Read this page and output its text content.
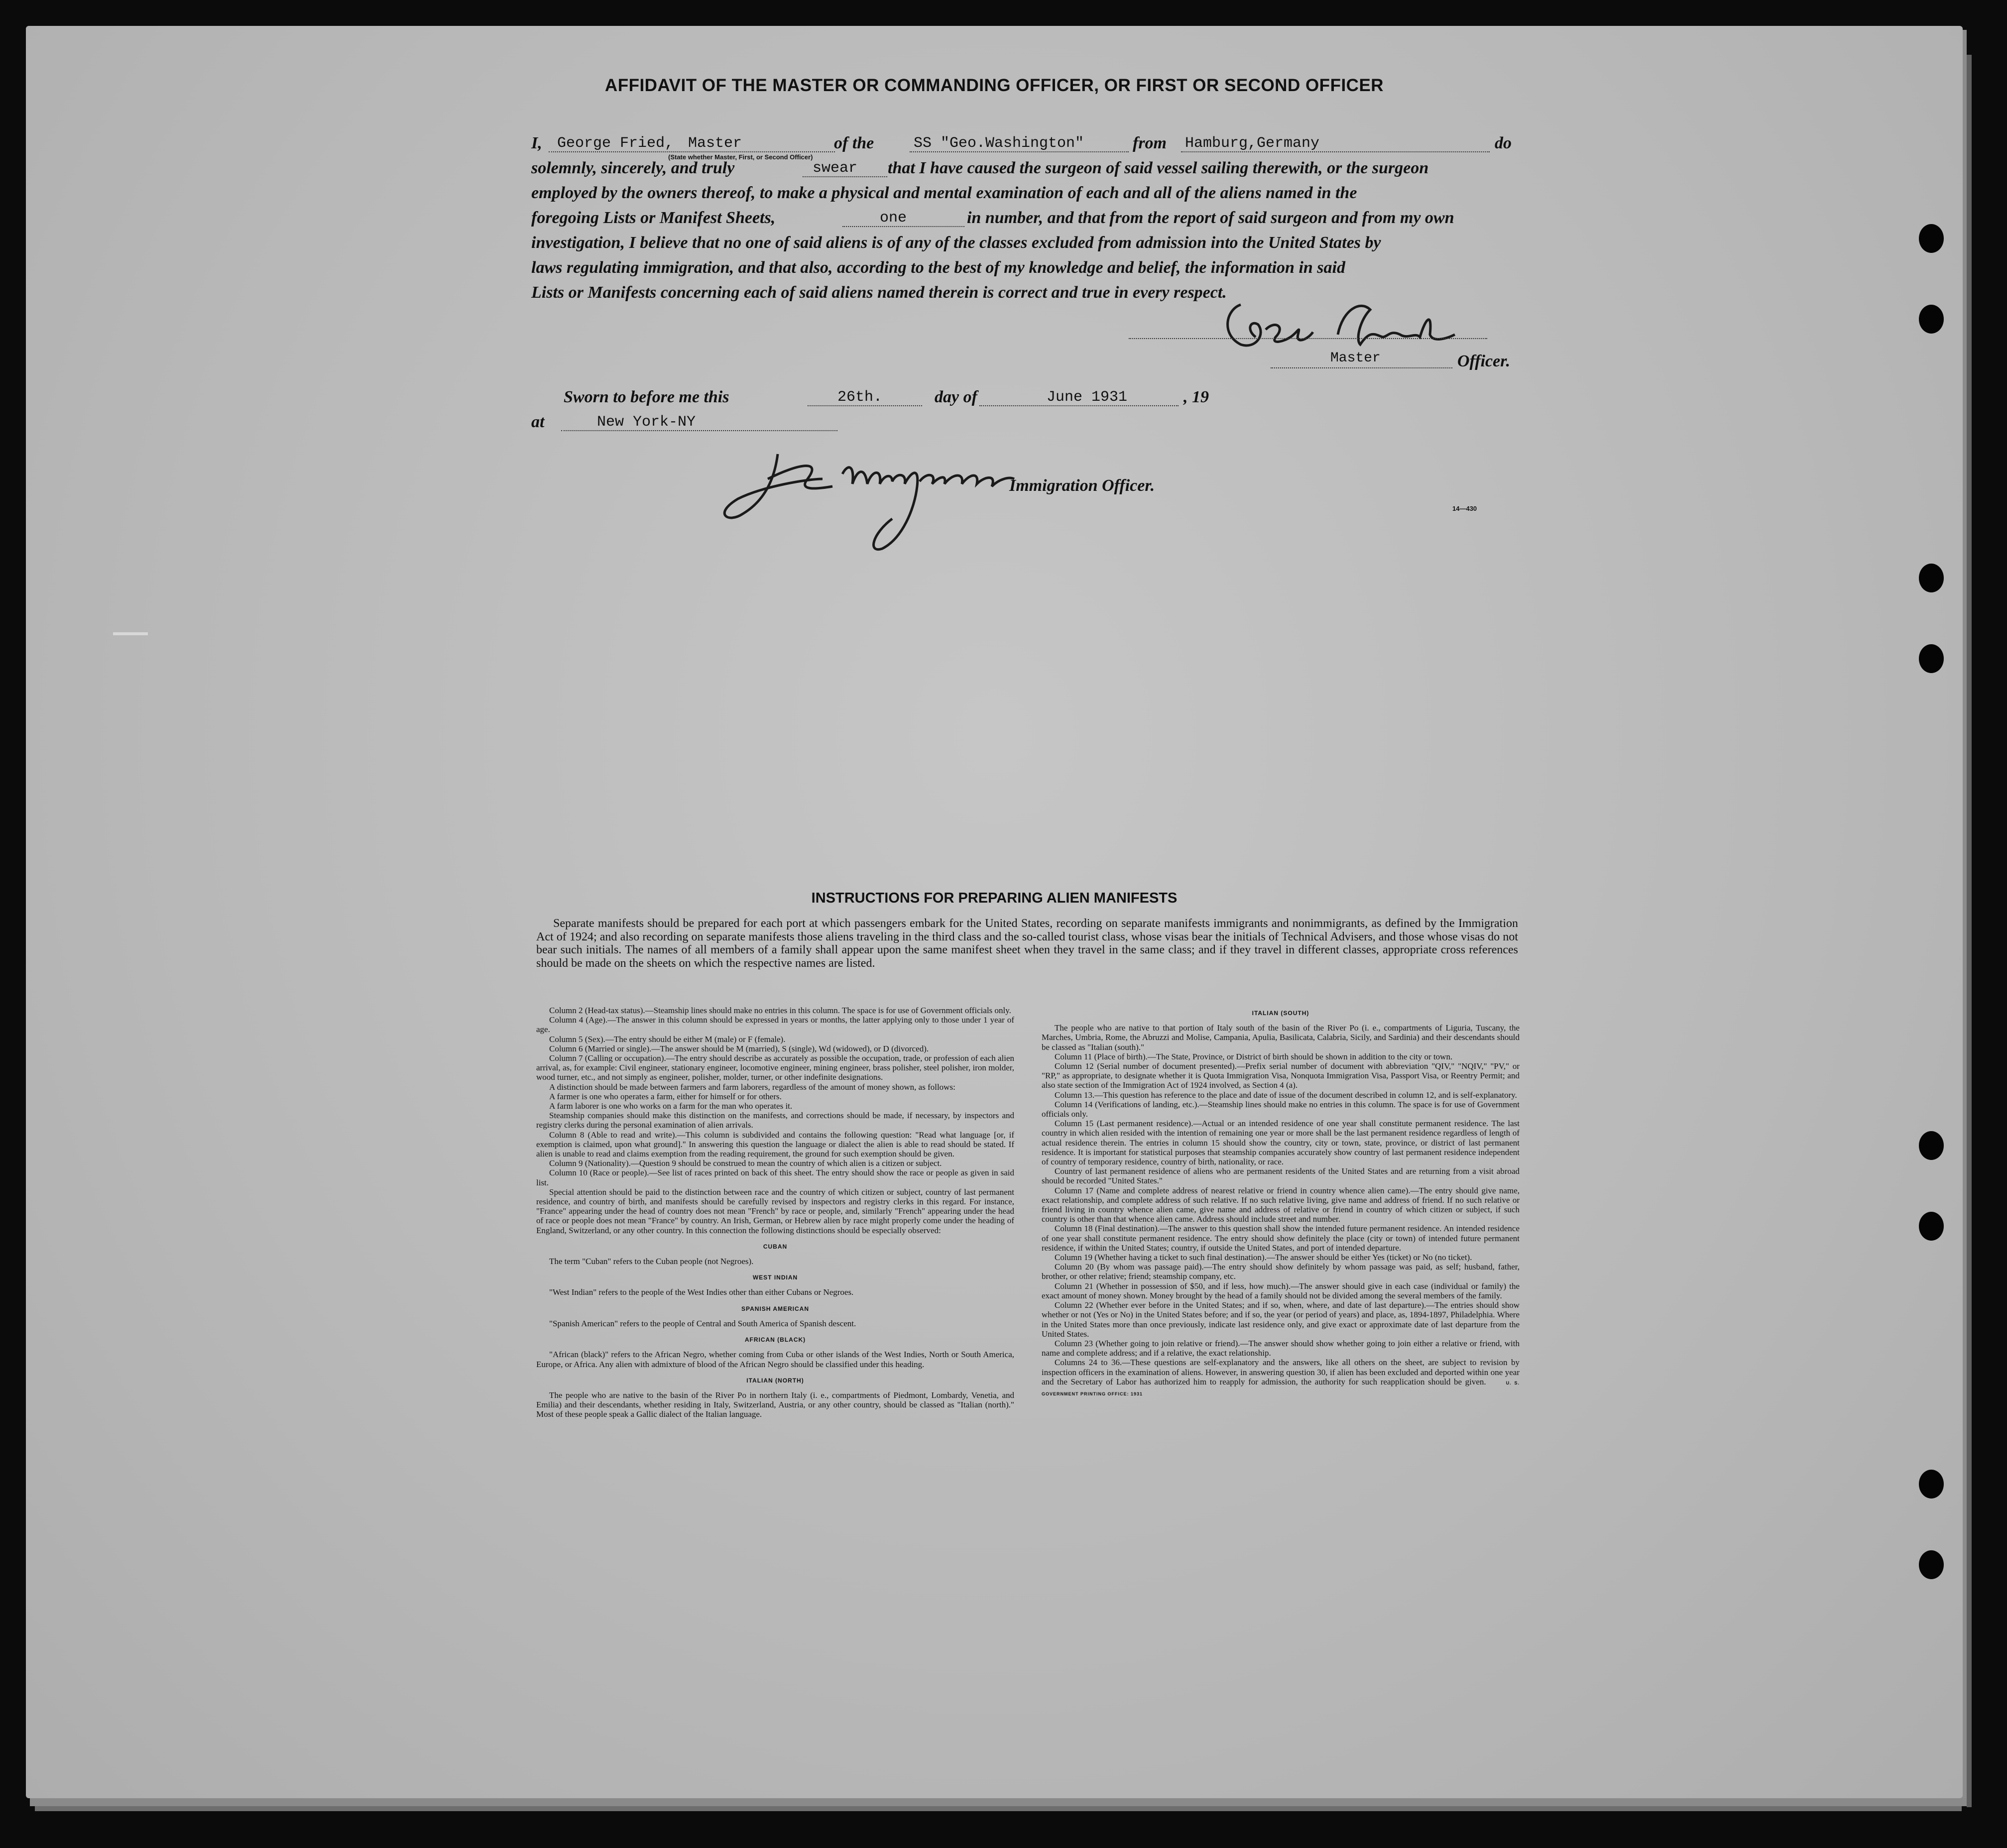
AFFIDAVIT OF THE MASTER OR COMMANDING OFFICER, OR FIRST OR SECOND OFFICER
I, George Fried, Master	of the	SS "Geo.Washington"	from Hamburg,Germany	do
(State whether Master, First, or Second Officer)
solemnly, sincerely, and truly	swear that I have caused the surgeon of said vessel sailing therewith, or the surgeon
employed by the owners thereof, to make a physical and mental examination of each and all of the aliens named in the
foregoing Lists or Manifest Sheets,	one	in number, and that from the report of said surgeon and from my own
investigation, I believe that no one of said aliens is of any of the classes excluded from admission into the United States by
laws regulating immigration, and that also, according to the best of my knowledge and belief, the information in said
Lists or Manifests concerning each of said aliens named therein is correct and true in every respect.
Master	Officer.
Sworn to before me this	26th.	day of	June 1931	, 19
at	New York-NY
Immigration Officer.
14—430
INSTRUCTIONS FOR PREPARING ALIEN MANIFESTS
Separate manifests should be prepared for each port at which passengers embark for the United States, recording on separate manifests immigrants and nonimmigrants, as defined by the Immigration Act of 1924; and also recording on separate manifests those aliens traveling in the third class and the so-called tourist class, whose visas bear the initials of Technical Advisers, and those whose visas do not bear such initials. The names of all members of a family shall appear upon the same manifest sheet when they travel in the same class; and if they travel in different classes, appropriate cross references should be made on the sheets on which the respective names are listed.

Column 2 (Head-tax status).—Steamship lines should make no entries in this column. The space is for use of Government officials only.

Column 4 (Age).—The answer in this column should be expressed in years or months, the latter applying only to those under 1 year of age.

Column 5 (Sex).—The entry should be either M (male) or F (female).

Column 6 (Married or single).—The answer should be M (married), S (single), Wd (widowed), or D (divorced).

Column 7 (Calling or occupation).—The entry should describe as accurately as possible the occupation, trade, or profession of each alien arrival, as, for example: Civil engineer, stationary engineer, locomotive engineer, mining engineer, brass polisher, steel polisher, iron molder, wood turner, etc., and not simply as engineer, polisher, molder, turner, or other indefinite designations.

A distinction should be made between farmers and farm laborers, regardless of the amount of money shown, as follows:

A farmer is one who operates a farm, either for himself or for others.

A farm laborer is one who works on a farm for the man who operates it.

Steamship companies should make this distinction on the manifests, and corrections should be made, if necessary, by inspectors and registry clerks during the personal examination of alien arrivals.

Column 8 (Able to read and write).—This column is subdivided and contains the following question: "Read what language [or, if exemption is claimed, upon what ground]." In answering this question the language or dialect the alien is able to read should be stated. If alien is unable to read and claims exemption from the reading requirement, the ground for such exemption should be given.

Column 9 (Nationality).—Question 9 should be construed to mean the country of which alien is a citizen or subject.

Column 10 (Race or people).—See list of races printed on back of this sheet. The entry should show the race or people as given in said list.

Special attention should be paid to the distinction between race and the country of which citizen or subject, country of last permanent residence, and country of birth, and manifests should be carefully revised by inspectors and registry clerks in this regard. For instance, "France" appearing under the head of country does not mean "French" by race or people, and, similarly "French" appearing under the head of race or people does not mean "France" by country. An Irish, German, or Hebrew alien by race might properly come under the heading of England, Switzerland, or any other country. In this connection the following distinctions should be especially observed:

CUBAN

The term "Cuban" refers to the Cuban people (not Negroes).

WEST INDIAN

"West Indian" refers to the people of the West Indies other than either Cubans or Negroes.

SPANISH AMERICAN

"Spanish American" refers to the people of Central and South America of Spanish descent.

AFRICAN (BLACK)

"African (black)" refers to the African Negro, whether coming from Cuba or other islands of the West Indies, North or South America, Europe, or Africa. Any alien with admixture of blood of the African Negro should be classified under this heading.

ITALIAN (NORTH)

The people who are native to the basin of the River Po in northern Italy (i. e., compartments of Piedmont, Lombardy, Venetia, and Emilia) and their descendants, whether residing in Italy, Switzerland, Austria, or any other country, should be classed as "Italian (north)." Most of these people speak a Gallic dialect of the Italian language.

ITALIAN (SOUTH)

The people who are native to that portion of Italy south of the basin of the River Po (i. e., compartments of Liguria, Tuscany, the Marches, Umbria, Rome, the Abruzzi and Molise, Campania, Apulia, Basilicata, Calabria, Sicily, and Sardinia) and their descendants should be classed as "Italian (south)."

Column 11 (Place of birth).—The State, Province, or District of birth should be shown in addition to the city or town.

Column 12 (Serial number of document presented).—Prefix serial number of document with abbreviation "QIV," "NQIV," "PV," or "RP," as appropriate, to designate whether it is Quota Immigration Visa, Nonquota Immigration Visa, Passport Visa, or Reentry Permit; and also state section of the Immigration Act of 1924 involved, as Section 4 (a).

Column 13.—This question has reference to the place and date of issue of the document described in column 12, and is self-explanatory.

Column 14 (Verifications of landing, etc.).—Steamship lines should make no entries in this column. The space is for use of Government officials only.

Column 15 (Last permanent residence).—Actual or an intended residence of one year shall constitute permanent residence. The last country in which alien resided with the intention of remaining one year or more shall be the last permanent residence regardless of length of actual residence therein. The entries in column 15 should show the country, city or town, state, province, or district of last permanent residence. It is important for statistical purposes that steamship companies accurately show country of last permanent residence independent of country of temporary residence, country of birth, nationality, or race.

Country of last permanent residence of aliens who are permanent residents of the United States and are returning from a visit abroad should be recorded "United States."

Column 17 (Name and complete address of nearest relative or friend in country whence alien came).—The entry should give name, exact relationship, and complete address of such relative. If no such relative living, give name and address of friend. If no such relative or friend living in country whence alien came, give name and address of relative or friend in country of which citizen or subject, if such country is other than that whence alien came. Address should include street and number.

Column 18 (Final destination).—The answer to this question shall show the intended future permanent residence. An intended residence of one year shall constitute permanent residence. The entry should show definitely the place (city or town) of intended future permanent residence, if within the United States; country, if outside the United States, and port of intended departure.

Column 19 (Whether having a ticket to such final destination).—The answer should be either Yes (ticket) or No (no ticket).

Column 20 (By whom was passage paid).—The entry should show definitely by whom passage was paid, as self; husband, father, brother, or other relative; friend; steamship company, etc.

Column 21 (Whether in possession of $50, and if less, how much).—The answer should give in each case (individual or family) the exact amount of money shown. Money brought by the head of a family should not be divided among the several members of the family.

Column 22 (Whether ever before in the United States; and if so, when, where, and date of last departure).—The entries should show whether or not (Yes or No) in the United States before; and if so, the year (or period of years) and place, as, 1894-1897, Philadelphia. Where in the United States more than once previously, indicate last residence only, and give exact or approximate date of last departure from the United States.

Column 23 (Whether going to join relative or friend).—The answer should show whether going to join either a relative or friend, with name and complete address; and if a relative, the exact relationship.

Columns 24 to 36.—These questions are self-explanatory and the answers, like all others on the sheet, are subject to revision by inspection officers in the examination of aliens. However, in answering question 30, if alien has been excluded and deported within one year and the Secretary of Labor has authorized him to reapply for admission, the authority for such reapplication should be given.	U. S. GOVERNMENT PRINTING OFFICE: 1931
